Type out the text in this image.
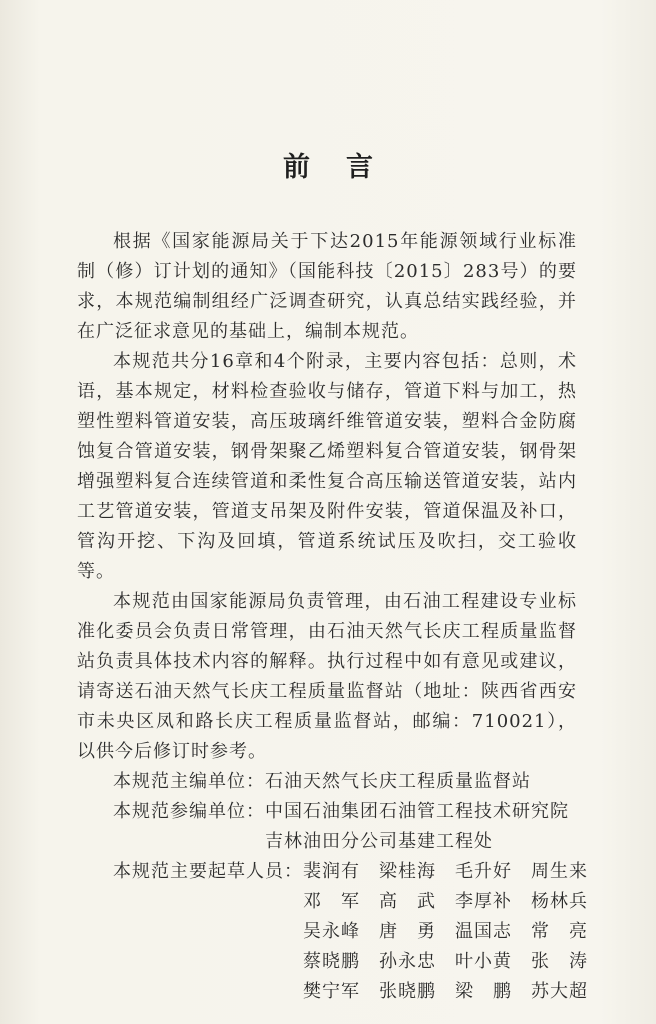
前言

根据《国家能源局关于下达2015年能源领域行业标准制（修）订计划的通知》（国能科技〔2015〕283号）的要求，本规范编制组经广泛调查研究，认真总结实践经验，并在广泛征求意见的基础上，编制本规范。

本规范共分16章和4个附录，主要内容包括：总则，术语，基本规定，材料检查验收与储存，管道下料与加工，热塑性塑料管道安装，高压玻璃纤维管道安装，塑料合金防腐蚀复合管道安装，钢骨架聚乙烯塑料复合管道安装，钢骨架增强塑料复合连续管道和柔性复合高压输送管道安装，站内工艺管道安装，管道支吊架及附件安装，管道保温及补口，管沟开挖、下沟及回填，管道系统试压及吹扫，交工验收等。

本规范由国家能源局负责管理，由石油工程建设专业标准化委员会负责日常管理，由石油天然气长庆工程质量监督站负责具体技术内容的解释。执行过程中如有意见或建议，请寄送石油天然气长庆工程质量监督站（地址：陕西省西安市未央区凤和路长庆工程质量监督站，邮编：710021），以供今后修订时参考。

本规范主编单位： 石油天然气长庆工程质量监督站
本规范参编单位： 中国石油集团石油管工程技术研究院
吉林油田分公司基建工程处
本规范主要起草人员： 裴润有	梁桂海	毛升好	周生来
邓　军	高　武	李厚补	杨林兵
吴永峰	唐　勇	温国志	常　亮
蔡晓鹏	孙永忠	叶小黄	张　涛
樊宁军	张晓鹏	梁　鹏	苏大超
